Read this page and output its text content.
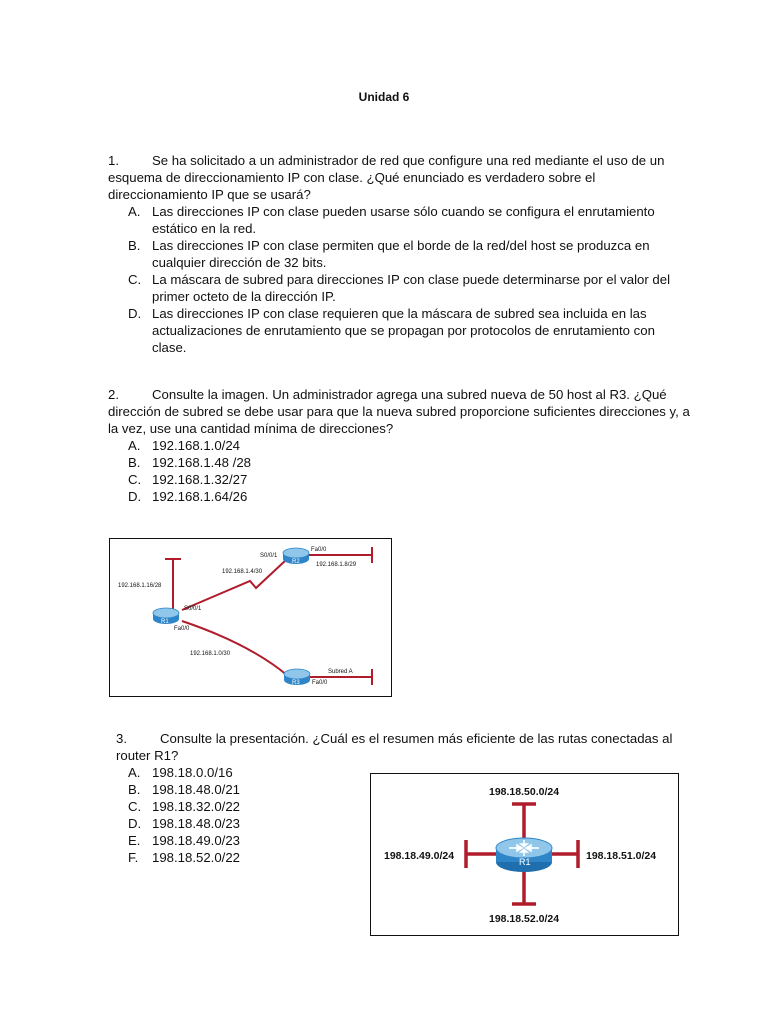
Unidad 6
1.	Se ha solicitado a un administrador de red que configure una red mediante el uso de un
esquema de direccionamiento IP con clase. ¿Qué enunciado es verdadero sobre el
direccionamiento IP que se usará?
A. Las direcciones IP con clase pueden usarse sólo cuando se configura el enrutamiento
estático en la red.
B. Las direcciones IP con clase permiten que el borde de la red/del host se produzca en
cualquier dirección de 32 bits.
C. La máscara de subred para direcciones IP con clase puede determinarse por el valor del
primer octeto de la dirección IP.
D. Las direcciones IP con clase requieren que la máscara de subred sea incluida en las
actualizaciones de enrutamiento que se propagan por protocolos de enrutamiento con
clase.
2.	Consulte la imagen. Un administrador agrega una subred nueva de 50 host al R3. ¿Qué
dirección de subred se debe usar para que la nueva subred proporcione suficientes direcciones y, a
la vez, use una cantidad mínima de direcciones?
A. 192.168.1.0/24
B. 192.168.1.48 /28
C. 192.168.1.32/27
D. 192.168.1.64/26
R1
R2
R3
192.168.1.16/28
192.168.1.4/30
192.168.1.8/29
192.168.1.0/30
S0/0/1
Fa0/0
S0/0/1
Fa0/0
Fa0/0
Subred A
3.	Consulte la presentación. ¿Cuál es el resumen más eficiente de las rutas conectadas al
router R1?
A. 198.18.0.0/16
B. 198.18.48.0/21
C. 198.18.32.0/22
D. 198.18.48.0/23
E. 198.18.49.0/23
F. 198.18.52.0/22	R1
198.18.50.0/24
198.18.49.0/24	198.18.51.0/24
198.18.52.0/24
